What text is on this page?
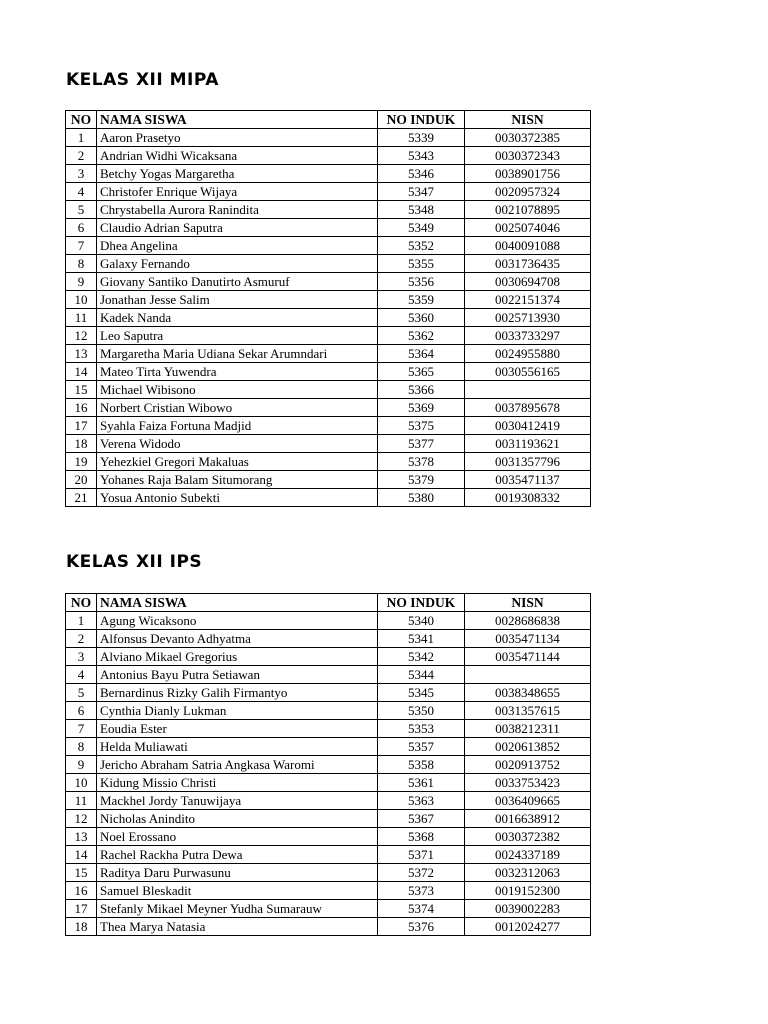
KELAS XII MIPA
NO	NAMA SISWA	NO INDUK	NISN
1	Aaron Prasetyo	5339	0030372385
2	Andrian Widhi Wicaksana	5343	0030372343
3	Betchy Yogas Margaretha	5346	0038901756
4	Christofer Enrique Wijaya	5347	0020957324
5	Chrystabella Aurora Ranindita	5348	0021078895
6	Claudio Adrian Saputra	5349	0025074046
7	Dhea Angelina	5352	0040091088
8	Galaxy Fernando	5355	0031736435
9	Giovany Santiko Danutirto Asmuruf	5356	0030694708
10	Jonathan Jesse Salim	5359	0022151374
11	Kadek Nanda	5360	0025713930
12	Leo Saputra	5362	0033733297
13	Margaretha Maria Udiana Sekar Arumndari	5364	0024955880
14	Mateo Tirta Yuwendra	5365	0030556165
15	Michael Wibisono	5366	
16	Norbert Cristian Wibowo	5369	0037895678
17	Syahla Faiza Fortuna Madjid	5375	0030412419
18	Verena Widodo	5377	0031193621
19	Yehezkiel Gregori Makaluas	5378	0031357796
20	Yohanes Raja Balam Situmorang	5379	0035471137
21	Yosua Antonio Subekti	5380	0019308332
KELAS XII IPS
NO	NAMA SISWA	NO INDUK	NISN
1	Agung Wicaksono	5340	0028686838
2	Alfonsus Devanto Adhyatma	5341	0035471134
3	Alviano Mikael Gregorius	5342	0035471144
4	Antonius Bayu Putra Setiawan	5344	
5	Bernardinus Rizky Galih Firmantyo	5345	0038348655
6	Cynthia Dianly Lukman	5350	0031357615
7	Eoudia Ester	5353	0038212311
8	Helda Muliawati	5357	0020613852
9	Jericho Abraham Satria Angkasa Waromi	5358	0020913752
10	Kidung Missio Christi	5361	0033753423
11	Mackhel Jordy Tanuwijaya	5363	0036409665
12	Nicholas Anindito	5367	0016638912
13	Noel Erossano	5368	0030372382
14	Rachel Rackha Putra Dewa	5371	0024337189
15	Raditya Daru Purwasunu	5372	0032312063
16	Samuel Bleskadit	5373	0019152300
17	Stefanly Mikael Meyner Yudha Sumarauw	5374	0039002283
18	Thea Marya Natasia	5376	0012024277
